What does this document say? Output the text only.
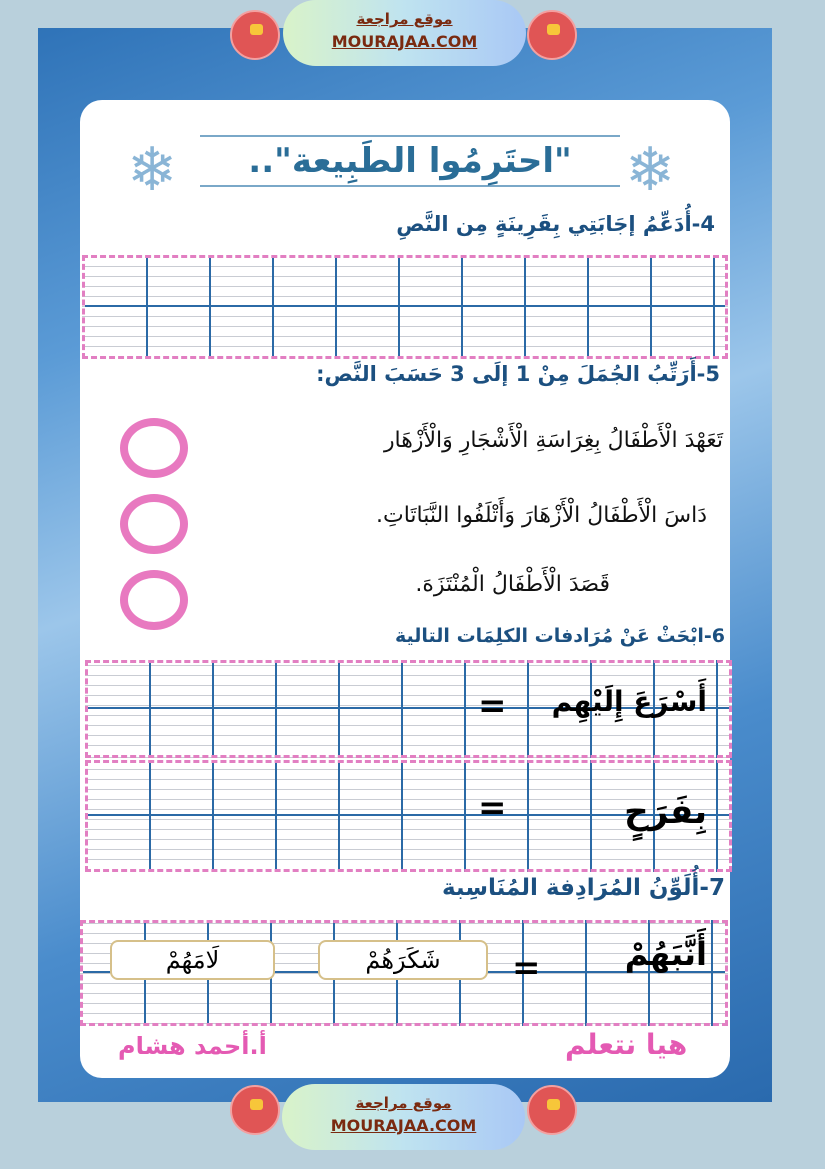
موقع مراجعة
MOURAJAA.COM
❄	❄
"احتَرِمُوا الطَبِيعة"..
4-أُدَعِّمُ إجَابَتِي بِقَرِينَةٍ مِن النَّصِ
5-أَرَتِّبُ الجُمَلَ مِنْ 1 إلَى 3 حَسَبَ النَّص:
تَعَهْدَ الْأَطْفَالُ بِغِرَاسَةِ الْأَشْجَارِ وَالْأَزْهَار
دَاسَ الْأَطْفَالُ الْأَزْهَارَ وَأَتْلَفُوا النَّبَاتَاتِ.
قَصَدَ الْأَطْفَالُ الْمُنْتَزَهَ.
6-ابْحَثْ عَنْ مُرَادفات الكلِمَات التالية
أَسْرَعَ إِلَيْهِم
=
بِفَرَحٍ
=
7-أُلَوِّنُ المُرَادِفة المُنَاسِبة
أَنَّبَهُمْ
=
شَكَرَهُمْ
لَامَهُمْ
أ.أحمد هشام	هيا نتعلم
موقع مراجعة
MOURAJAA.COM
